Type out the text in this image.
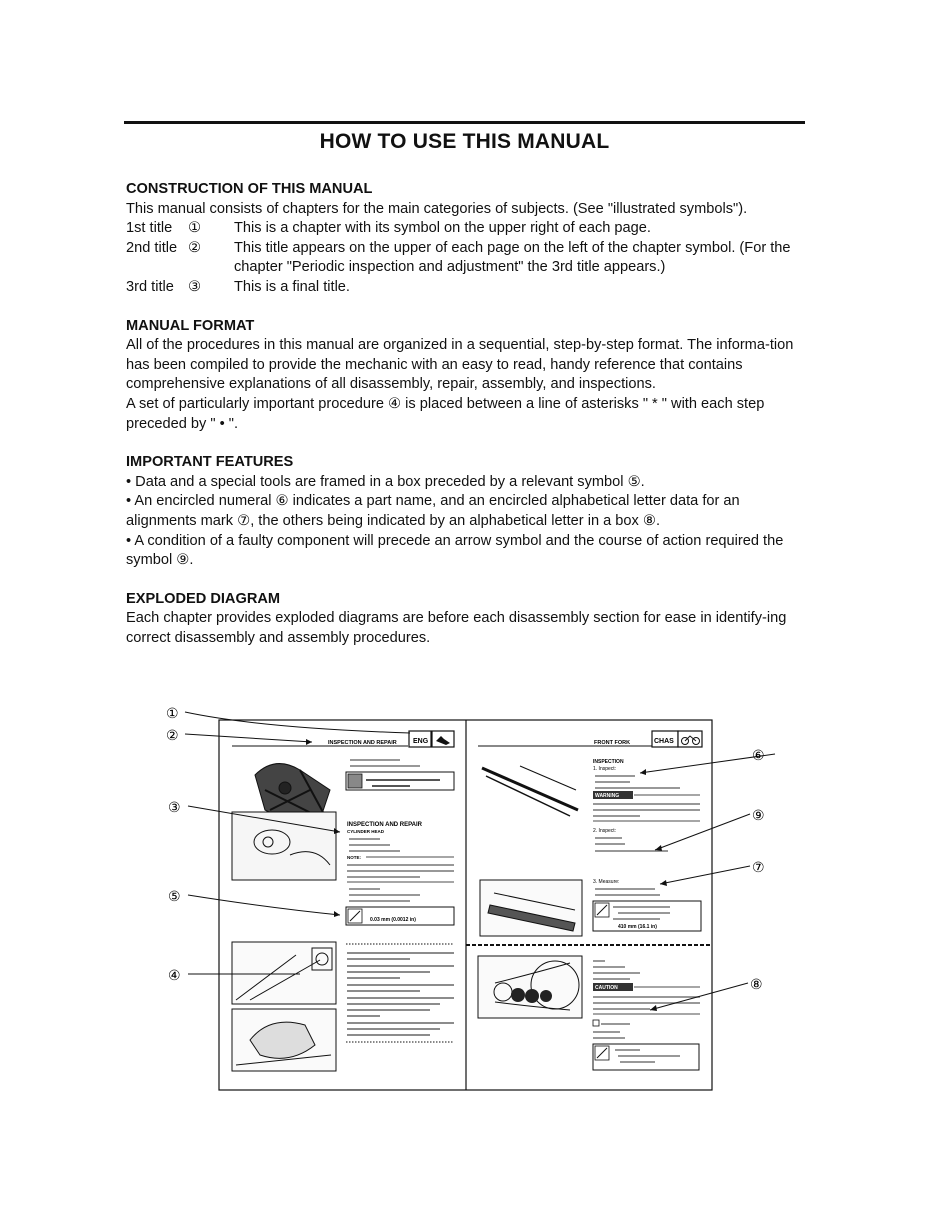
HOW TO USE THIS MANUAL
CONSTRUCTION OF THIS MANUAL

This manual consists of chapters for the main categories of subjects. (See "illustrated symbols").

1st title	①	This is a chapter with its symbol on the upper right of each page.
2nd title ②	This title appears on the upper of each page on the left of the chapter symbol. (For the chapter "Periodic inspection and adjustment" the 3rd title appears.)
3rd title ③	This is a final title.
MANUAL FORMAT

All of the procedures in this manual are organized in a sequential, step-by-step format. The informa-tion has been compiled to provide the mechanic with an easy to read, handy reference that contains comprehensive explanations of all disassembly, repair, assembly, and inspections.

A set of particularly important procedure ④ is placed between a line of asterisks " * " with each step preceded by " • ".

IMPORTANT FEATURES

• Data and a special tools are framed in a box preceded by a relevant symbol ⑤.

• An encircled numeral ⑥ indicates a part name, and an encircled alphabetical letter data for an alignments mark ⑦, the others being indicated by an alphabetical letter in a box ⑧.

• A condition of a faulty component will precede an arrow symbol and the course of action required the symbol ⑨.

EXPLODED DIAGRAM

Each chapter provides exploded diagrams are before each disassembly section for ease in identify-ing correct disassembly and assembly procedures.

INSPECTION AND REPAIR ENG
INSPECTION AND REPAIR
CYLINDER HEAD
NOTE:
0.03 mm (0.0012 in)
FRONT FORK	CHAS
INSPECTION
1. Inspect:
WARNING
2. Inspect:
3. Measure:
410 mm (16.1 in)
CAUTION
①
②
③
④
⑤
⑥
⑦
⑧
⑨
